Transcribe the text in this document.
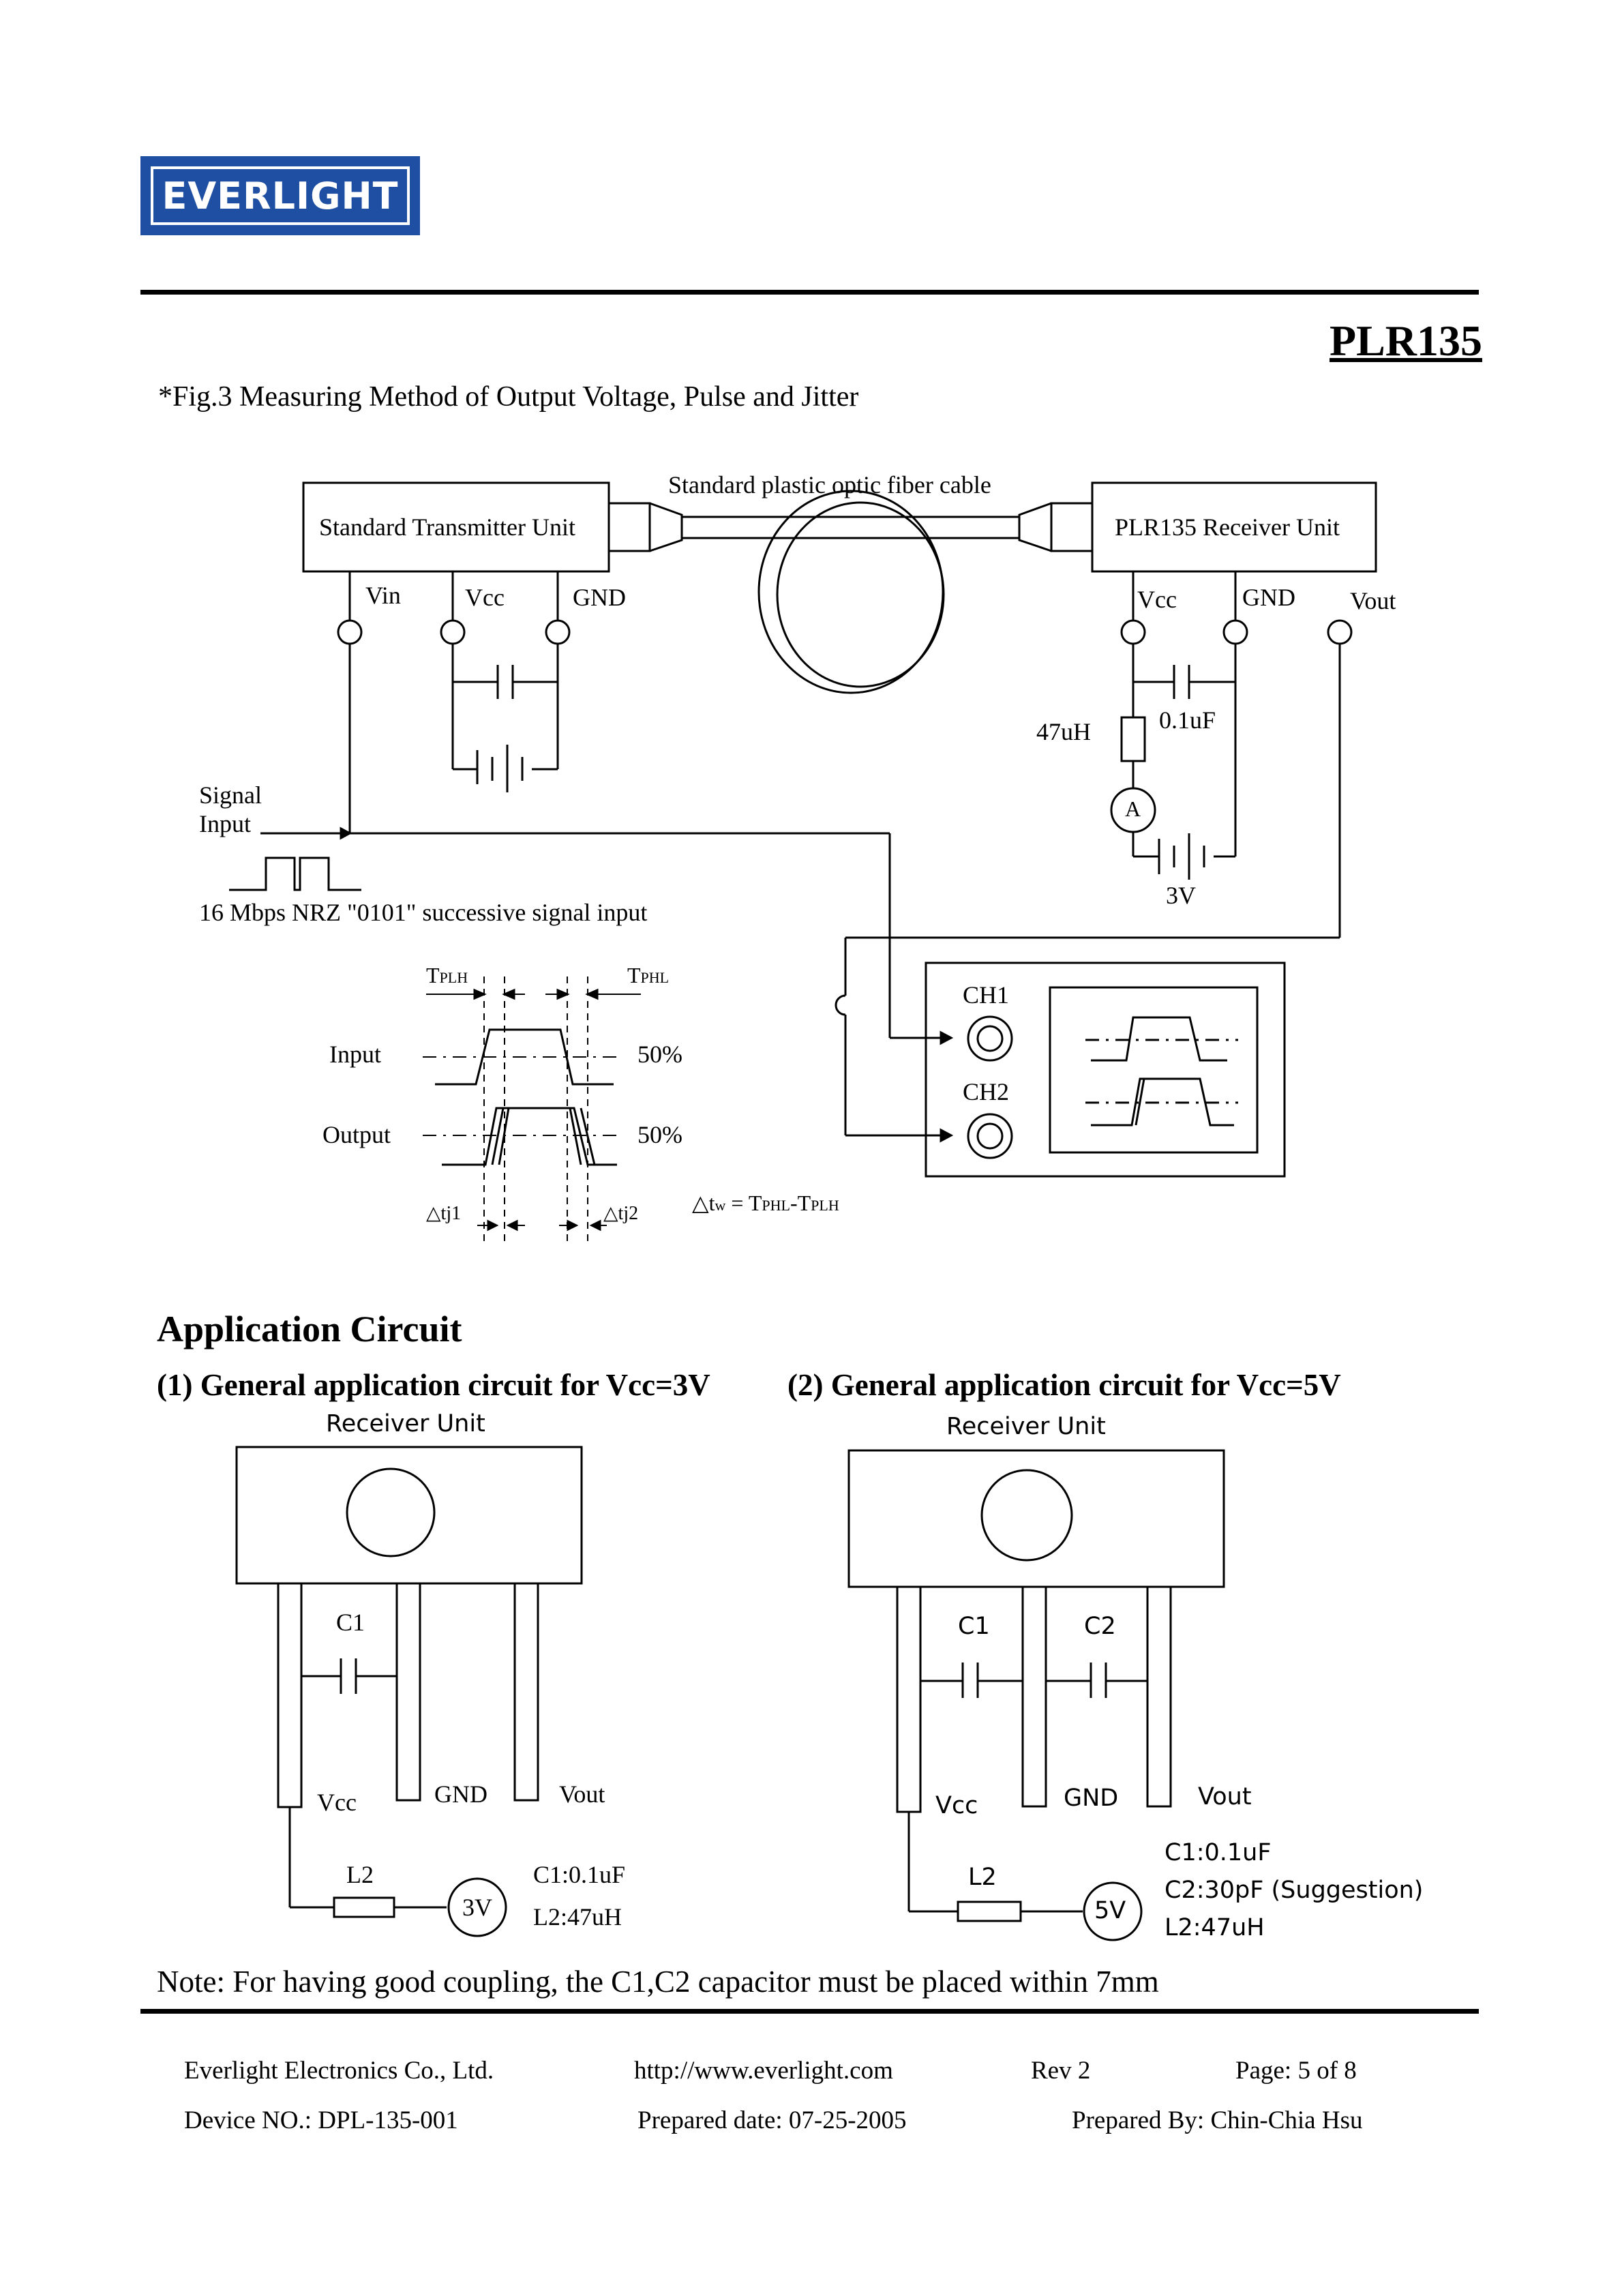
EVERLIGHT
PLR135
*Fig.3 Measuring Method of Output Voltage, Pulse and Jitter
Standard plastic optic fiber cable
Standard Transmitter Unit	PLR135 Receiver Unit
Vin	Vcc	GND	Vcc	GND Vout
47uH	0.1uF
A
3V
Signal
Input
16 Mbps NRZ "0101" successive signal input
CH1
CH2
TPLH	TPHL
Input
Output
50%
50%
△tj1	△tj2 △tw = TPHL-TPLH
Application Circuit
(1) General application circuit for Vcc=3V	(2) General application circuit for Vcc=5V
Receiver Unit
C1
Vcc	GND	Vout
L2
3V
C1:0.1uF
L2:47uH
Receiver Unit
C1	C2
Vcc	GND	Vout
L2
5V
C1:0.1uF
C2:30pF (Suggestion)
L2:47uH
Note: For having good coupling, the C1,C2 capacitor must be placed within 7mm
Everlight Electronics Co., Ltd.	http://www.everlight.com	Rev 2	Page: 5 of 8
Device NO.: DPL-135-001	Prepared date: 07-25-2005	Prepared By: Chin-Chia Hsu
